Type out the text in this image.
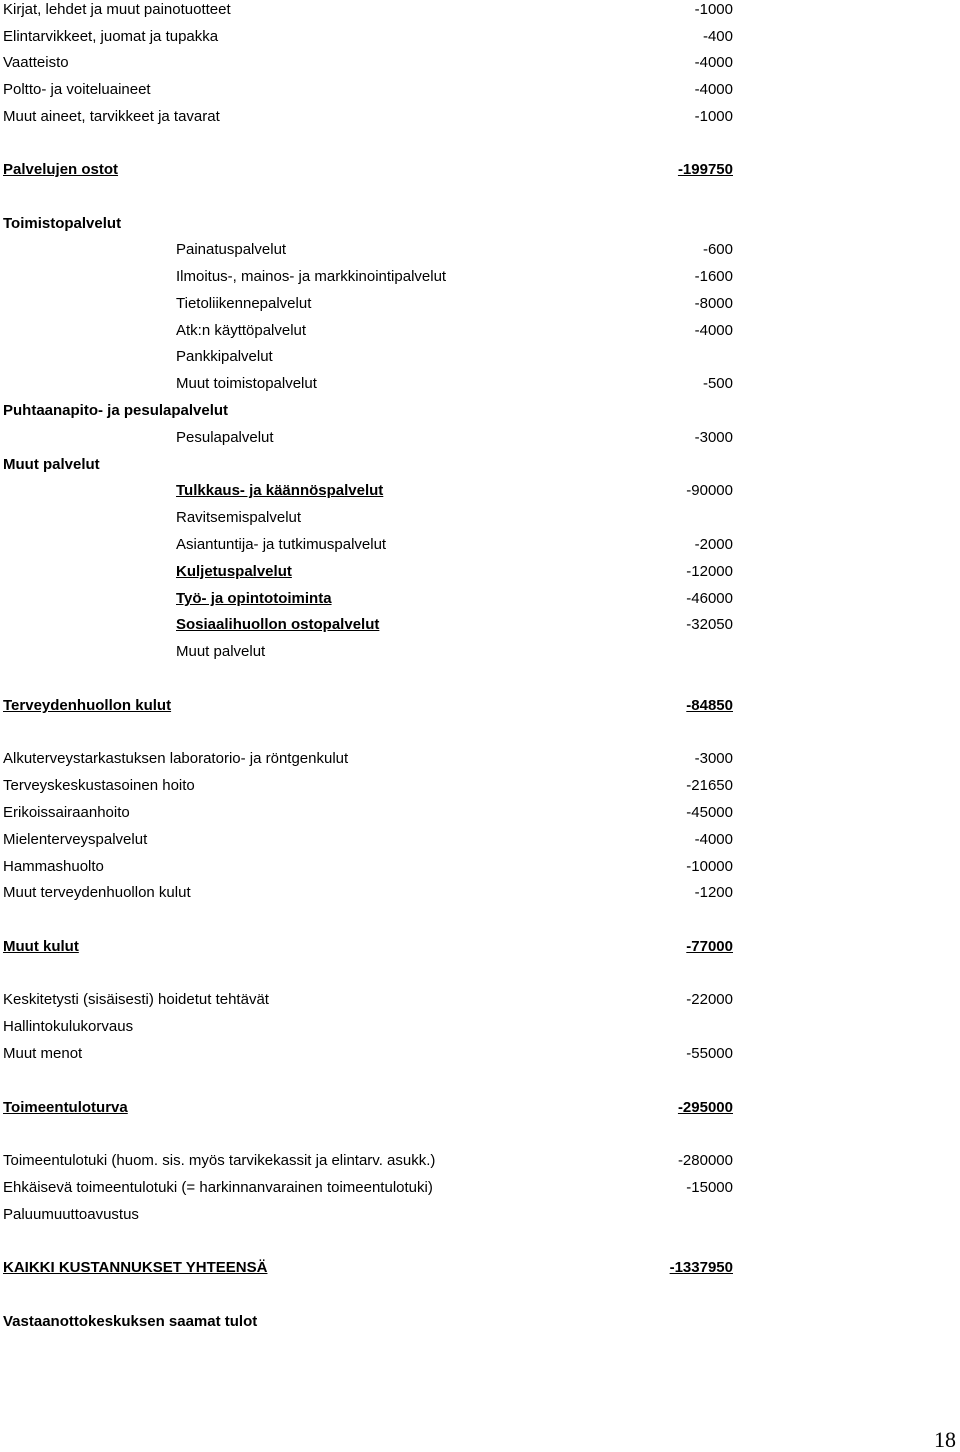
Kirjat, lehdet ja muut painotuotteet	-1000
Elintarvikkeet, juomat ja tupakka	-400
Vaatteisto	-4000
Poltto- ja voiteluaineet	-4000
Muut aineet, tarvikkeet ja tavarat	-1000
Palvelujen ostot	-199750
Toimistopalvelut
Painatuspalvelut	-600
Ilmoitus-, mainos- ja markkinointipalvelut	-1600
Tietoliikennepalvelut	-8000
Atk:n käyttöpalvelut	-4000
Pankkipalvelut
Muut toimistopalvelut	-500
Puhtaanapito- ja pesulapalvelut
Pesulapalvelut	-3000
Muut palvelut
Tulkkaus- ja käännöspalvelut	-90000
Ravitsemispalvelut
Asiantuntija- ja tutkimuspalvelut	-2000
Kuljetuspalvelut	-12000
Työ- ja opintotoiminta	-46000
Sosiaalihuollon ostopalvelut	-32050
Muut palvelut
Terveydenhuollon kulut	-84850
Alkuterveystarkastuksen laboratorio- ja röntgenkulut	-3000
Terveyskeskustasoinen hoito	-21650
Erikoissairaanhoito	-45000
Mielenterveyspalvelut	-4000
Hammashuolto	-10000
Muut terveydenhuollon kulut	-1200
Muut kulut	-77000
Keskitetysti (sisäisesti) hoidetut tehtävät	-22000
Hallintokulukorvaus
Muut menot	-55000
Toimeentuloturva	-295000
Toimeentulotuki (huom. sis. myös tarvikekassit ja elintarv. asukk.)	-280000
Ehkäisevä toimeentulotuki (= harkinnanvarainen toimeentulotuki)	-15000
Paluumuuttoavustus
KAIKKI KUSTANNUKSET YHTEENSÄ	-1337950
Vastaanottokeskuksen saamat tulot
18
